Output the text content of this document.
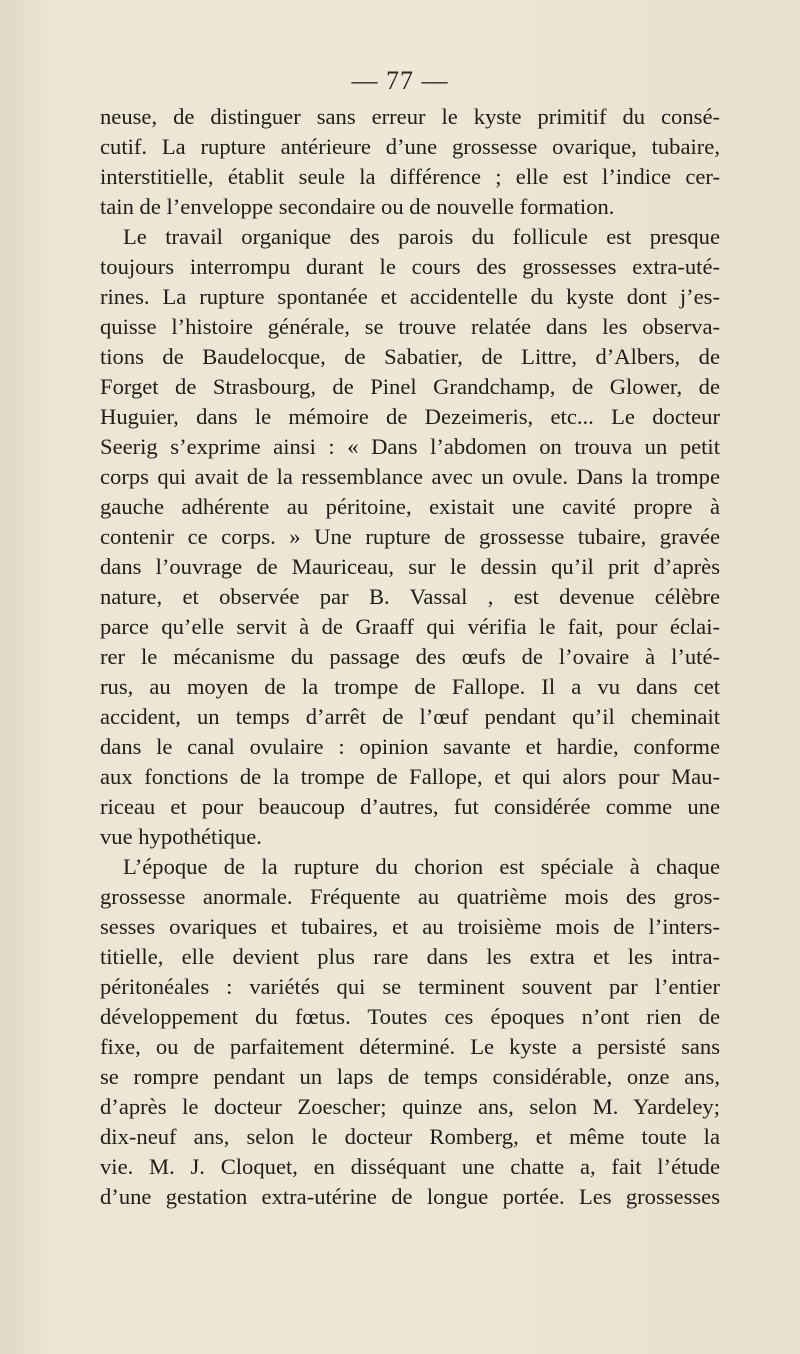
— 77 —
neuse, de distinguer sans erreur le kyste primitif du consé-
cutif. La rupture antérieure d’une grossesse ovarique, tubaire,
interstitielle, établit seule la différence ; elle est l’indice cer-
tain de l’enveloppe secondaire ou de nouvelle formation.
Le travail organique des parois du follicule est presque
toujours interrompu durant le cours des grossesses extra-uté-
rines. La rupture spontanée et accidentelle du kyste dont j’es-
quisse l’histoire générale, se trouve relatée dans les observa-
tions de Baudelocque, de Sabatier, de Littre, d’Albers, de
Forget de Strasbourg, de Pinel Grandchamp, de Glower, de
Huguier, dans le mémoire de Dezeimeris, etc... Le docteur
Seerig s’exprime ainsi : « Dans l’abdomen on trouva un petit
corps qui avait de la ressemblance avec un ovule. Dans la trompe
gauche adhérente au péritoine, existait une cavité propre à
contenir ce corps. » Une rupture de grossesse tubaire, gravée
dans l’ouvrage de Mauriceau, sur le dessin qu’il prit d’après
nature, et observée par B. Vassal , est devenue célèbre
parce qu’elle servit à de Graaff qui vérifia le fait, pour éclai-
rer le mécanisme du passage des œufs de l’ovaire à l’uté-
rus, au moyen de la trompe de Fallope. Il a vu dans cet
accident, un temps d’arrêt de l’œuf pendant qu’il cheminait
dans le canal ovulaire : opinion savante et hardie, conforme
aux fonctions de la trompe de Fallope, et qui alors pour Mau-
riceau et pour beaucoup d’autres, fut considérée comme une
vue hypothétique.
L’époque de la rupture du chorion est spéciale à chaque
grossesse anormale. Fréquente au quatrième mois des gros-
sesses ovariques et tubaires, et au troisième mois de l’inters-
titielle, elle devient plus rare dans les extra et les intra-
péritonéales : variétés qui se terminent souvent par l’entier
développement du fœtus. Toutes ces époques n’ont rien de
fixe, ou de parfaitement déterminé. Le kyste a persisté sans
se rompre pendant un laps de temps considérable, onze ans,
d’après le docteur Zoescher; quinze ans, selon M. Yardeley;
dix-neuf ans, selon le docteur Romberg, et même toute la
vie. M. J. Cloquet, en disséquant une chatte a, fait l’étude
d’une gestation extra-utérine de longue portée. Les grossesses
